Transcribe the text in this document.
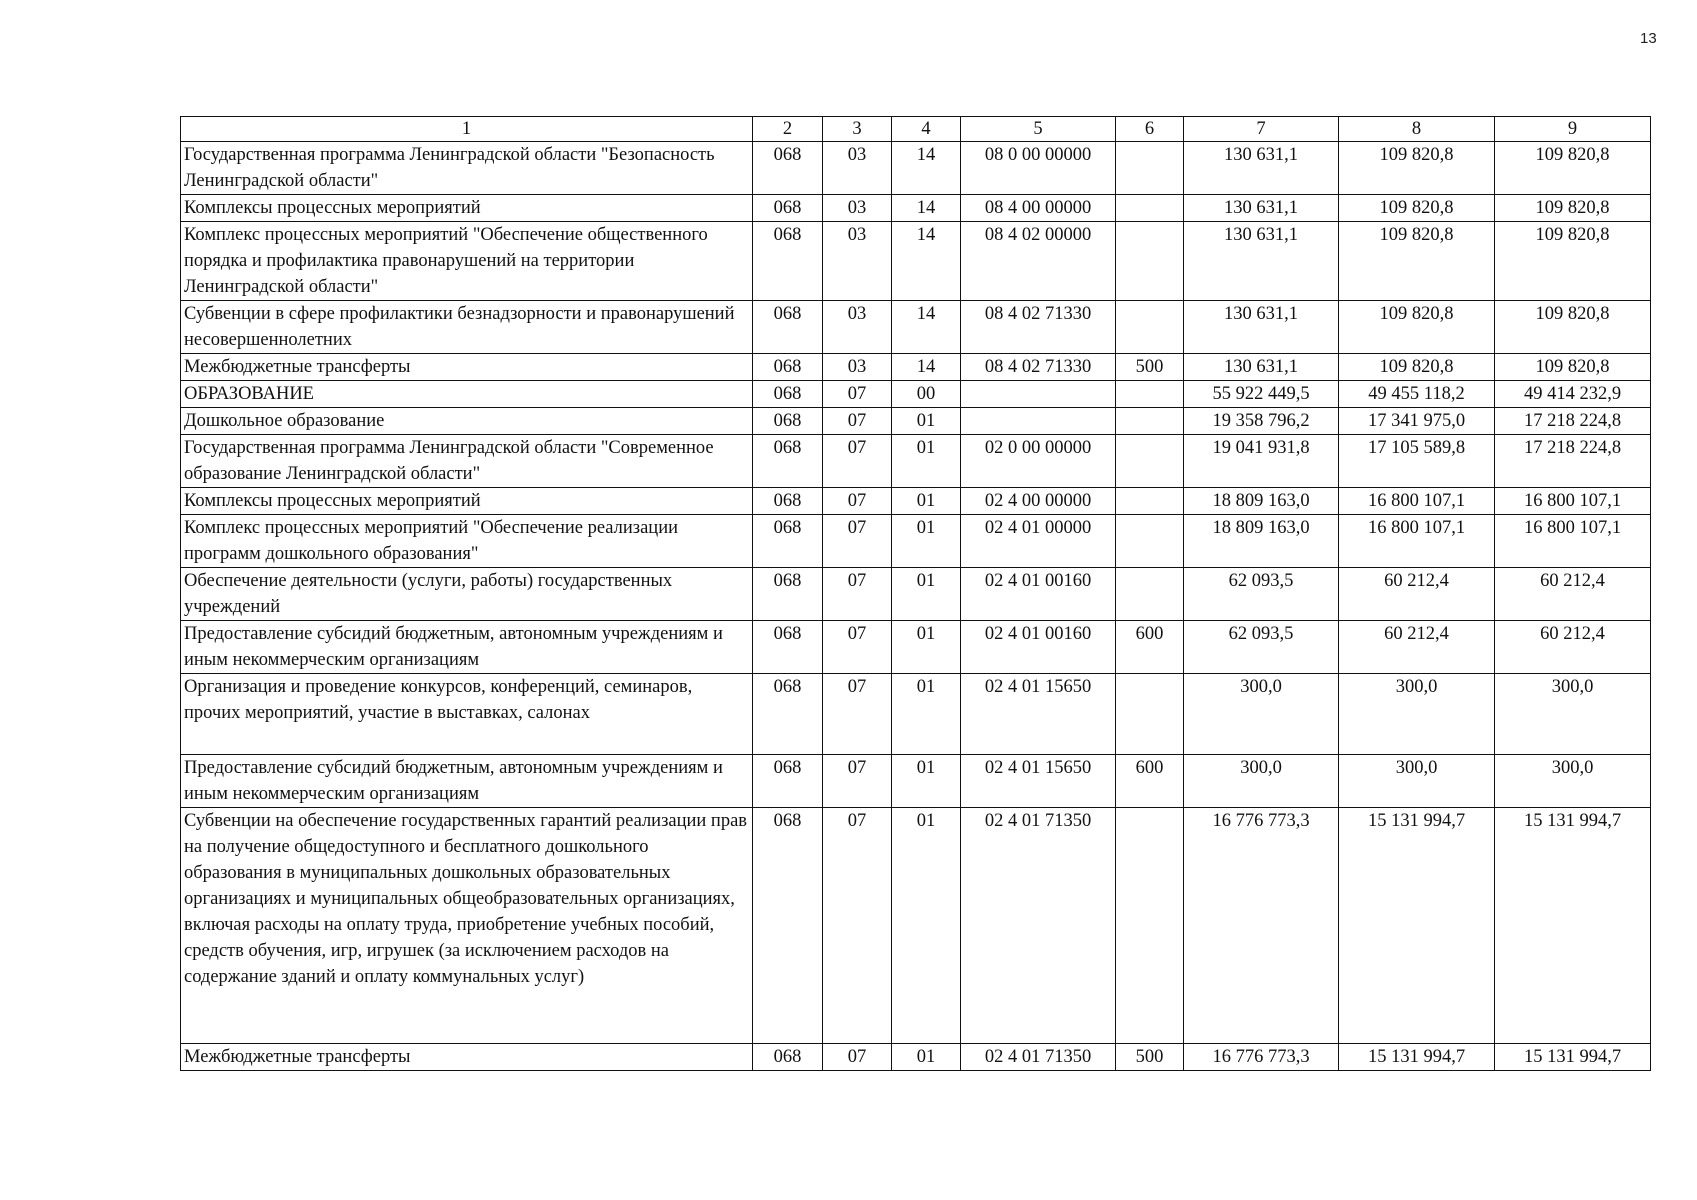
13
1	2	3	4	5	6	7	8	9
Государственная программа Ленинградской области "Безопасность Ленинградской области"	068	03	14	08 0 00 00000		130 631,1	109 820,8	109 820,8
Комплексы процессных мероприятий	068	03	14	08 4 00 00000		130 631,1	109 820,8	109 820,8
Комплекс процессных мероприятий "Обеспечение общественного порядка и профилактика правонарушений на территории Ленинградской области"	068	03	14	08 4 02 00000		130 631,1	109 820,8	109 820,8
Субвенции в сфере профилактики безнадзорности и правонарушений несовершеннолетних	068	03	14	08 4 02 71330		130 631,1	109 820,8	109 820,8
Межбюджетные трансферты	068	03	14	08 4 02 71330	500	130 631,1	109 820,8	109 820,8
ОБРАЗОВАНИЕ	068	07	00			55 922 449,5	49 455 118,2	49 414 232,9
Дошкольное образование	068	07	01			19 358 796,2	17 341 975,0	17 218 224,8
Государственная программа Ленинградской области "Современное образование Ленинградской области"	068	07	01	02 0 00 00000		19 041 931,8	17 105 589,8	17 218 224,8
Комплексы процессных мероприятий	068	07	01	02 4 00 00000		18 809 163,0	16 800 107,1	16 800 107,1
Комплекс процессных мероприятий "Обеспечение реализации программ дошкольного образования"	068	07	01	02 4 01 00000		18 809 163,0	16 800 107,1	16 800 107,1
Обеспечение деятельности (услуги, работы) государственных учреждений	068	07	01	02 4 01 00160		62 093,5	60 212,4	60 212,4
Предоставление субсидий бюджетным, автономным учреждениям и иным некоммерческим организациям	068	07	01	02 4 01 00160	600	62 093,5	60 212,4	60 212,4
Организация и проведение конкурсов, конференций, семинаров, прочих мероприятий, участие в выставках, салонах	068	07	01	02 4 01 15650		300,0	300,0	300,0
Предоставление субсидий бюджетным, автономным учреждениям и иным некоммерческим организациям	068	07	01	02 4 01 15650	600	300,0	300,0	300,0
Субвенции на обеспечение государственных гарантий реализации прав на получение общедоступного и бесплатного дошкольного образования в муниципальных дошкольных образовательных организациях и муниципальных общеобразовательных организациях, включая расходы на оплату труда, приобретение учебных пособий, средств обучения, игр, игрушек (за исключением расходов на содержание зданий и оплату коммунальных услуг)	068	07	01	02 4 01 71350		16 776 773,3	15 131 994,7	15 131 994,7
Межбюджетные трансферты	068	07	01	02 4 01 71350	500	16 776 773,3	15 131 994,7	15 131 994,7
